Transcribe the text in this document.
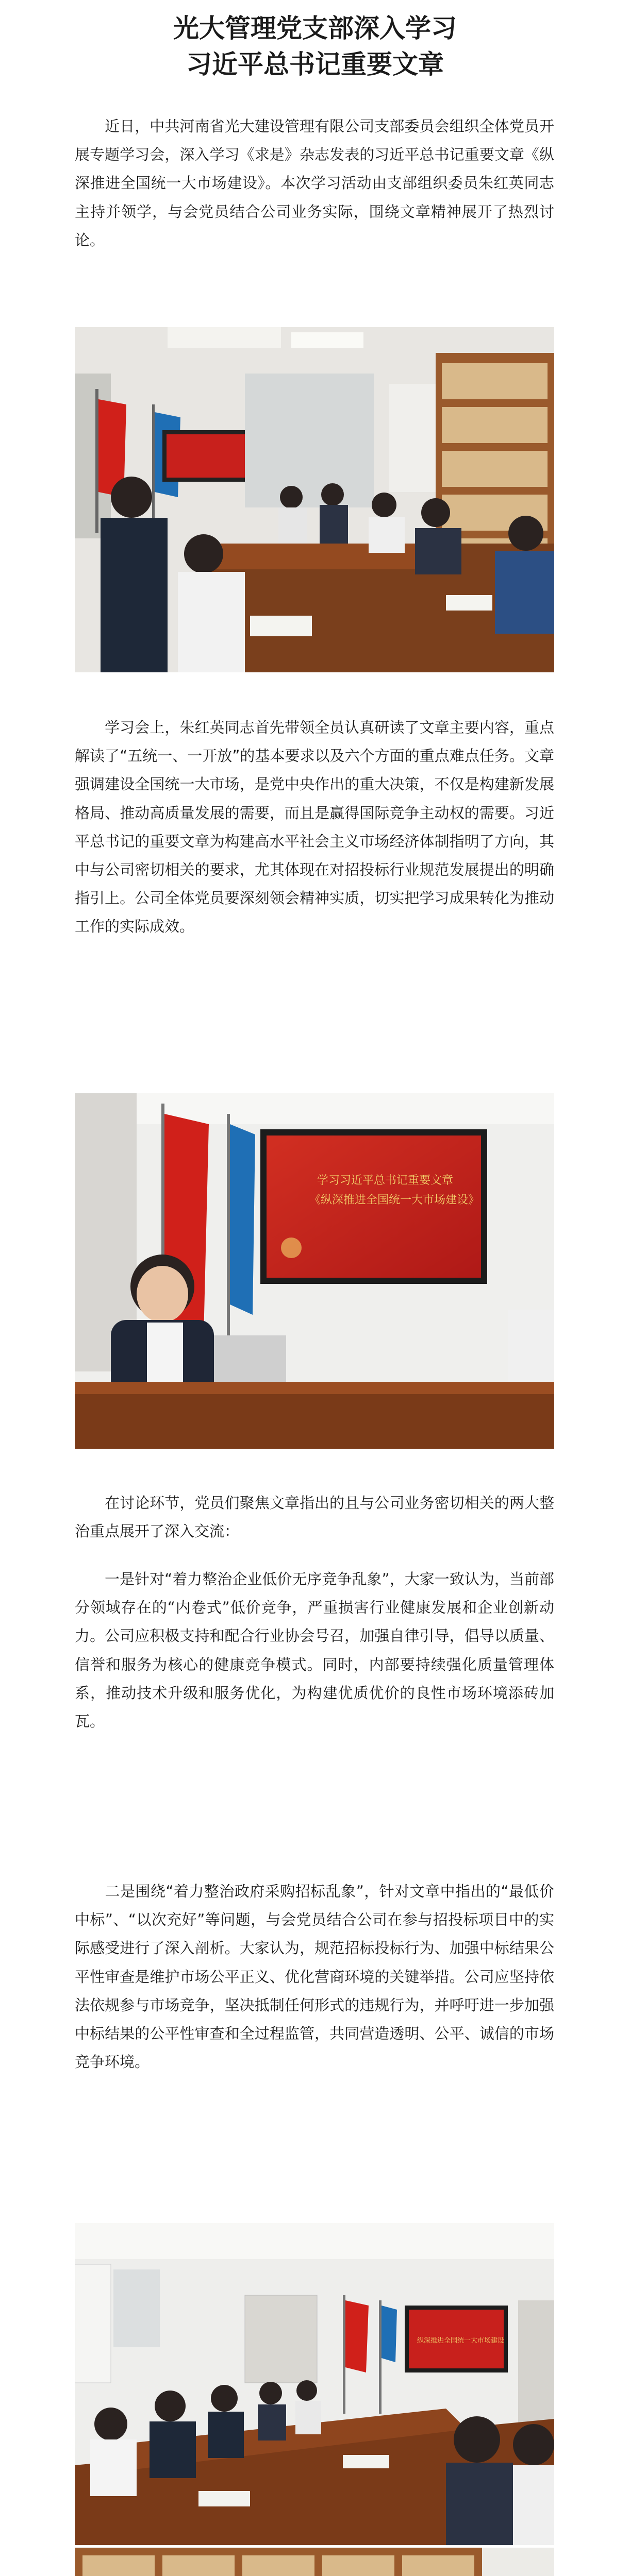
光大管理党支部深入学习
习近平总书记重要文章

近日，中共河南省光大建设管理有限公司支部委员会组织全体党员开展专题学习会，深入学习《求是》杂志发表的习近平总书记重要文章《纵深推进全国统一大市场建设》。本次学习活动由支部组织委员朱红英同志主持并领学，与会党员结合公司业务实际，围绕文章精神展开了热烈讨论。

学习会上，朱红英同志首先带领全员认真研读了文章主要内容，重点解读了“五统一、一开放”的基本要求以及六个方面的重点难点任务。文章强调建设全国统一大市场，是党中央作出的重大决策，不仅是构建新发展格局、推动高质量发展的需要，而且是赢得国际竞争主动权的需要。习近平总书记的重要文章为构建高水平社会主义市场经济体制指明了方向，其中与公司密切相关的要求，尤其体现在对招投标行业规范发展提出的明确指引上。公司全体党员要深刻领会精神实质，切实把学习成果转化为推动工作的实际成效。

学习习近平总书记重要文章
《纵深推进全国统一大市场建设》

在讨论环节，党员们聚焦文章指出的且与公司业务密切相关的两大整治重点展开了深入交流：

一是针对“着力整治企业低价无序竞争乱象”，大家一致认为，当前部分领域存在的“内卷式”低价竞争，严重损害行业健康发展和企业创新动力。公司应积极支持和配合行业协会号召，加强自律引导，倡导以质量、信誉和服务为核心的健康竞争模式。同时，内部要持续强化质量管理体系，推动技术升级和服务优化，为构建优质优价的良性市场环境添砖加瓦。

二是围绕“着力整治政府采购招标乱象”，针对文章中指出的“最低价中标”、“以次充好”等问题，与会党员结合公司在参与招投标项目中的实际感受进行了深入剖析。大家认为，规范招标投标行为、加强中标结果公平性审查是维护市场公平正义、优化营商环境的关键举措。公司应坚持依法依规参与市场竞争，坚决抵制任何形式的违规行为，并呼吁进一步加强中标结果的公平性审查和全过程监管，共同营造透明、公平、诚信的市场竞争环境。

纵深推进全国统一大市场建设
